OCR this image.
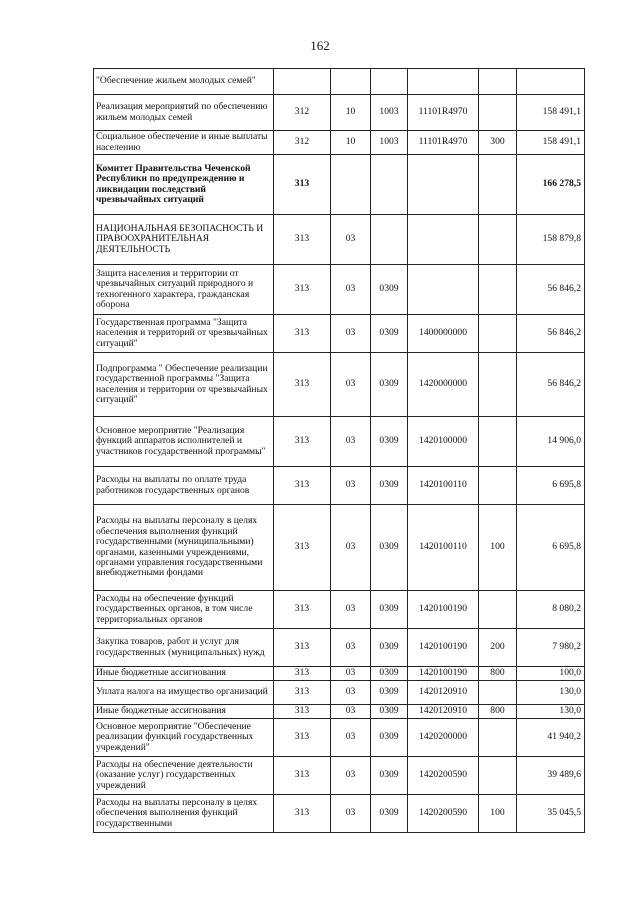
162
"Обеспечение жильем молодых семей"						
Реализация мероприятий по обеспечению жильем молодых семей	312	10	1003	11101R4970		158 491,1
Социальное обеспечение и иные выплаты населению	312	10	1003	11101R4970	300	158 491,1
Комитет Правительства Чеченской Республики по предупреждению и ликвидации последствий чрезвычайных ситуаций	313					166 278,5
НАЦИОНАЛЬНАЯ БЕЗОПАСНОСТЬ И ПРАВООХРАНИТЕЛЬНАЯ ДЕЯТЕЛЬНОСТЬ	313	03				158 879,8
Защита населения и территории от чрезвычайных ситуаций природного и техногенного характера, гражданская оборона	313	03	0309			56 846,2
Государственная программа "Защита населения и территорий от чрезвычайных ситуаций"	313	03	0309	1400000000		56 846,2
Подпрограмма " Обеспечение реализации государственной программы "Защита населения и территории от чрезвычайных ситуаций"	313	03	0309	1420000000		56 846,2
Основное мероприятие "Реализация функций аппаратов исполнителей и участников государственной программы"	313	03	0309	1420100000		14 906,0
Расходы на выплаты по оплате труда работников государственных органов	313	03	0309	1420100110		6 695,8
Расходы на выплаты персоналу в целях обеспечения выполнения функций государственными (муниципальными) органами, казенными учреждениями, органами управления государственными внебюджетными фондами	313	03	0309	1420100110	100	6 695,8
Расходы на обеспечение функций государственных органов, в том числе территориальных органов	313	03	0309	1420100190		8 080,2
Закупка товаров, работ и услуг для государственных (муниципальных) нужд	313	03	0309	1420100190	200	7 980,2
Иные бюджетные ассигнования	313	03	0309	1420100190	800	100,0
Уплата налога на имущество организаций	313	03	0309	1420120910		130,0
Иные бюджетные ассигнования	313	03	0309	1420120910	800	130,0
Основное мероприятие "Обеспечение реализации функций государственных учреждений"	313	03	0309	1420200000		41 940,2
Расходы на обеспечение деятельности (оказание услуг) государственных учреждений	313	03	0309	1420200590		39 489,6
Расходы на выплаты персоналу в целях обеспечения выполнения функций государственными	313	03	0309	1420200590	100	35 045,5
